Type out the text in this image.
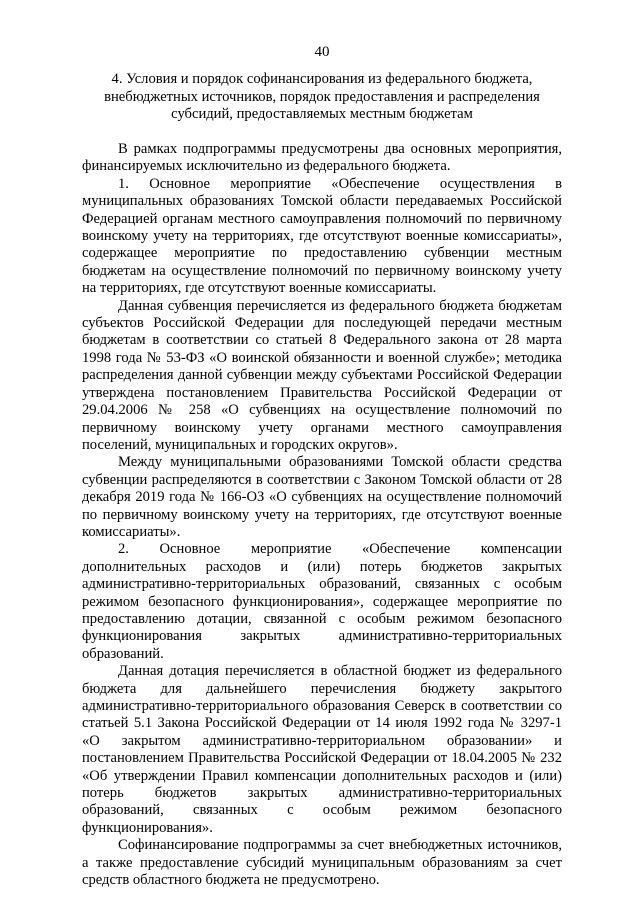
40
4. Условия и порядок софинансирования из федерального бюджета,
внебюджетных источников, порядок предоставления и распределения
субсидий, предоставляемых местным бюджетам

В рамках подпрограммы предусмотрены два основных мероприятия, финансируемых исключительно из федерального бюджета.

1. Основное мероприятие «Обеспечение осуществления в муниципальных образованиях Томской области передаваемых Российской Федерацией органам местного самоуправления полномочий по первичному воинскому учету на территориях, где отсутствуют военные комиссариаты», содержащее мероприятие по предоставлению субвенции местным бюджетам на осуществление полномочий по первичному воинскому учету на территориях, где отсутствуют военные комиссариаты.

Данная субвенция перечисляется из федерального бюджета бюджетам субъектов Российской Федерации для последующей передачи местным бюджетам в соответствии со статьей 8 Федерального закона от 28 марта 1998 года № 53-ФЗ «О воинской обязанности и военной службе»; методика распределения данной субвенции между субъектами Российской Федерации утверждена постановлением Правительства Российской Федерации от 29.04.2006 № 258 «О субвенциях на осуществление полномочий по первичному воинскому учету органами местного самоуправления поселений, муниципальных и городских округов».

Между муниципальными образованиями Томской области средства субвенции распределяются в соответствии с Законом Томской области от 28 декабря 2019 года № 166-ОЗ «О субвенциях на осуществление полномочий по первичному воинскому учету на территориях, где отсутствуют военные комиссариаты».

2. Основное мероприятие «Обеспечение компенсации дополнительных расходов и (или) потерь бюджетов закрытых административно-территориальных образований, связанных с особым режимом безопасного функционирования», содержащее мероприятие по предоставлению дотации, связанной с особым режимом безопасного функционирования закрытых административно-территориальных образований.

Данная дотация перечисляется в областной бюджет из федерального бюджета для дальнейшего перечисления бюджету закрытого административно-территориального образования Северск в соответствии со статьей 5.1 Закона Российской Федерации от 14 июля 1992 года № 3297-1 «О закрытом административно-территориальном образовании» и постановлением Правительства Российской Федерации от 18.04.2005 № 232 «Об утверждении Правил компенсации дополнительных расходов и (или) потерь бюджетов закрытых административно-территориальных образований, связанных с особым режимом безопасного функционирования».

Софинансирование подпрограммы за счет внебюджетных источников, а также предоставление субсидий муниципальным образованиям за счет средств областного бюджета не предусмотрено.
